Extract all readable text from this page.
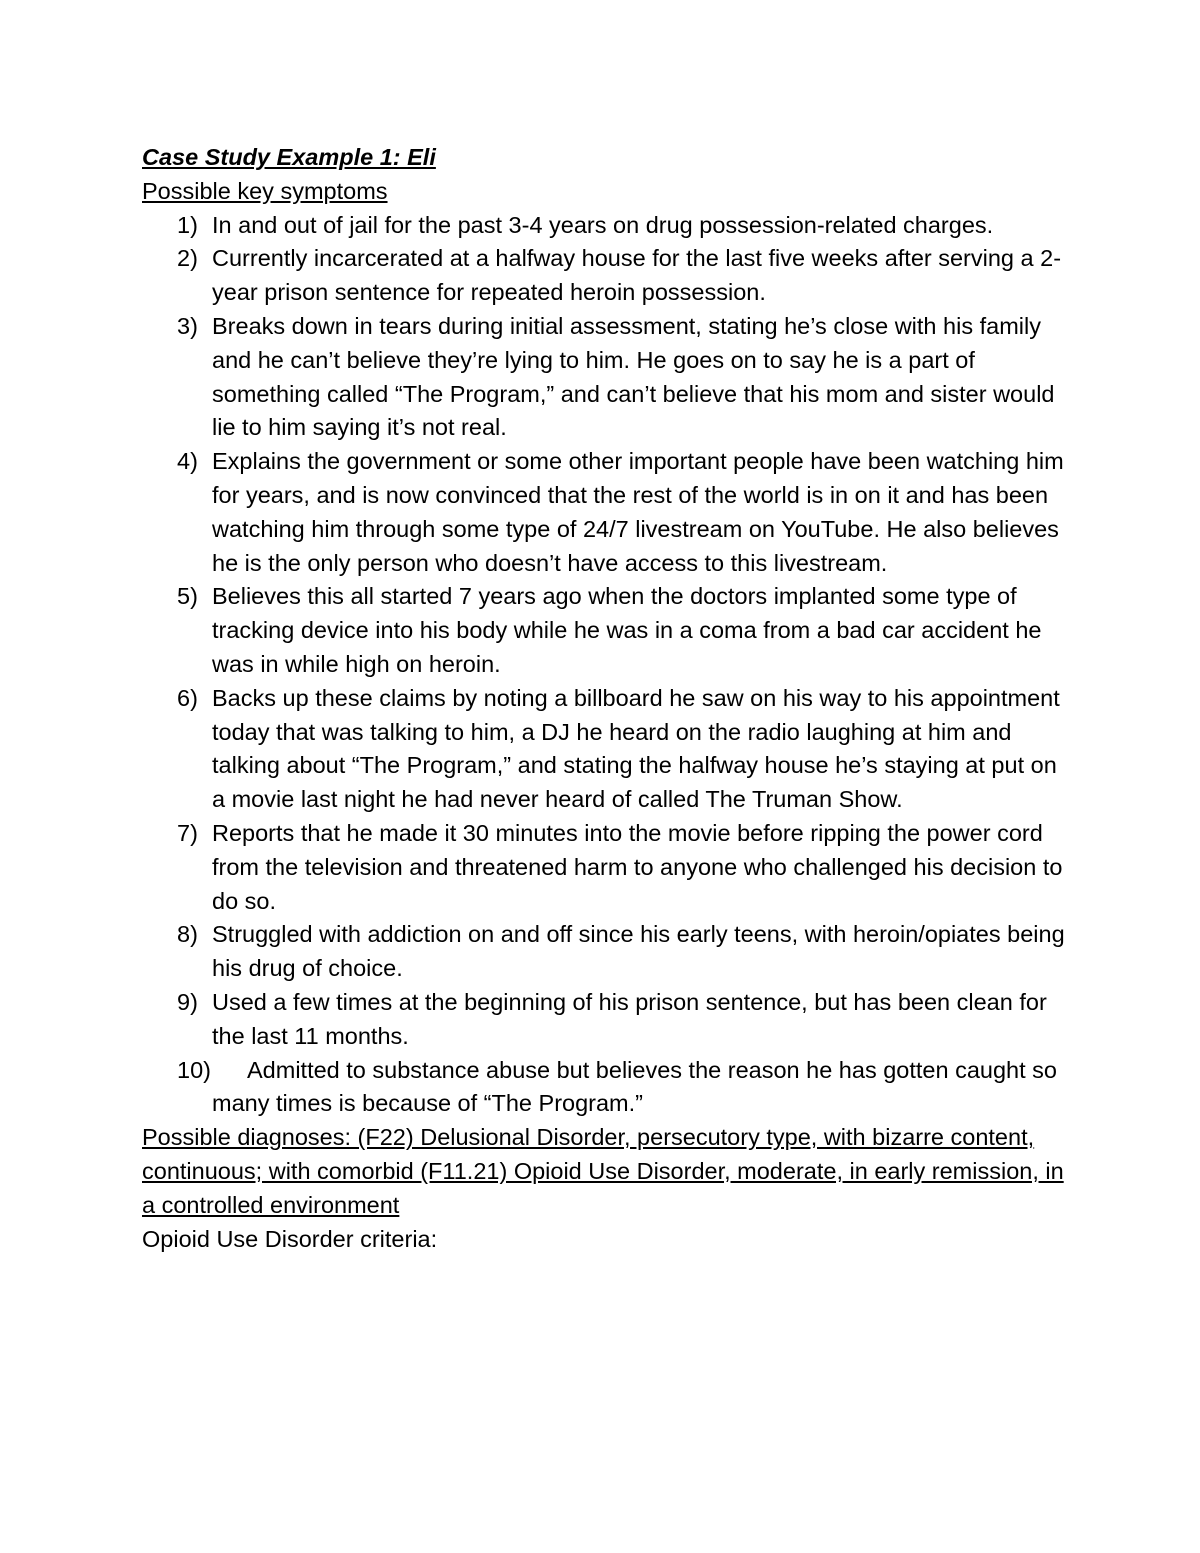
Case Study Example 1: Eli

Possible key symptoms

1) In and out of jail for the past 3-4 years on drug possession-related charges.
2) Currently incarcerated at a halfway house for the last five weeks after serving a 2-year prison sentence for repeated heroin possession.
3) Breaks down in tears during initial assessment, stating he’s close with his family and he can’t believe they’re lying to him. He goes on to say he is a part of something called “The Program,” and can’t believe that his mom and sister would lie to him saying it’s not real.
4) Explains the government or some other important people have been watching him for years, and is now convinced that the rest of the world is in on it and has been watching him through some type of 24/7 livestream on YouTube. He also believes he is the only person who doesn’t have access to this livestream.
5) Believes this all started 7 years ago when the doctors implanted some type of tracking device into his body while he was in a coma from a bad car accident he was in while high on heroin.
6) Backs up these claims by noting a billboard he saw on his way to his appointment today that was talking to him, a DJ he heard on the radio laughing at him and talking about “The Program,” and stating the halfway house he’s staying at put on a movie last night he had never heard of called The Truman Show.
7) Reports that he made it 30 minutes into the movie before ripping the power cord from the television and threatened harm to anyone who challenged his decision to do so.
8) Struggled with addiction on and off since his early teens, with heroin/opiates being his drug of choice.
9) Used a few times at the beginning of his prison sentence, but has been clean for the last 11 months.
10) Admitted to substance abuse but believes the reason he has gotten caught so many times is because of “The Program.”

Possible diagnoses: (F22) Delusional Disorder, persecutory type, with bizarre content, continuous; with comorbid (F11.21) Opioid Use Disorder, moderate, in early remission, in a controlled environment

Opioid Use Disorder criteria:
